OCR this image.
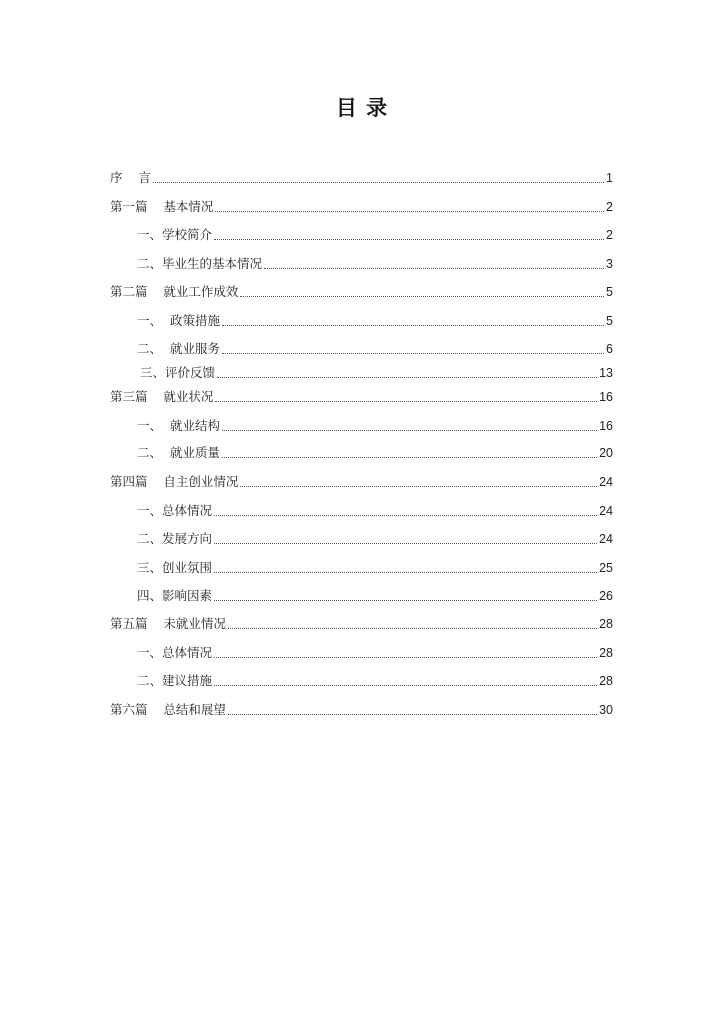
目 录
序    言	1
第一篇    基本情况	2
一、学校简介	2
二、毕业生的基本情况	3
第二篇    就业工作成效	5
一、  政策措施	5
二、  就业服务	6
三、评价反馈	13
第三篇    就业状况	16
一、  就业结构	16
二、  就业质量	20
第四篇    自主创业情况	24
一、总体情况	24
二、发展方向	24
三、创业氛围	25
四、影响因素	26
第五篇    未就业情况	28
一、总体情况	28
二、建议措施	28
第六篇    总结和展望	30
